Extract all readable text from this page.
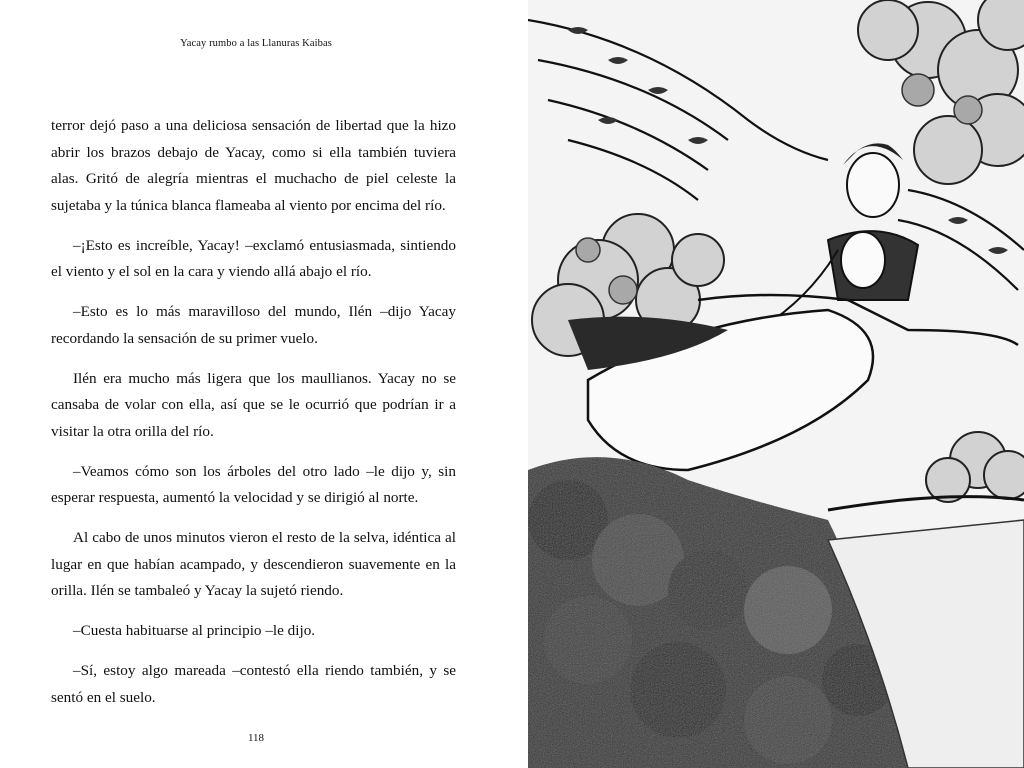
Yacay rumbo a las Llanuras Kaibas

terror dejó paso a una deliciosa sensación de libertad que la hizo abrir los brazos debajo de Yacay, como si ella también tuviera alas. Gritó de alegría mientras el muchacho de piel celeste la sujetaba y la túnica blanca flameaba al viento por encima del río.

–¡Esto es increíble, Yacay! –exclamó entusiasmada, sintiendo el viento y el sol en la cara y viendo allá abajo el río.

–Esto es lo más maravilloso del mundo, Ilén –dijo Yacay recordando la sensación de su primer vuelo.

Ilén era mucho más ligera que los maullianos. Yacay no se cansaba de volar con ella, así que se le ocurrió que podrían ir a visitar la otra orilla del río.

–Veamos cómo son los árboles del otro lado –le dijo y, sin esperar respuesta, aumentó la velocidad y se dirigió al norte.

Al cabo de unos minutos vieron el resto de la selva, idéntica al lugar en que habían acampado, y descendieron suavemente en la orilla. Ilén se tambaleó y Yacay la sujetó riendo.

–Cuesta habituarse al principio –le dijo.

–Sí, estoy algo mareada –contestó ella riendo también, y se sentó en el suelo.

118
